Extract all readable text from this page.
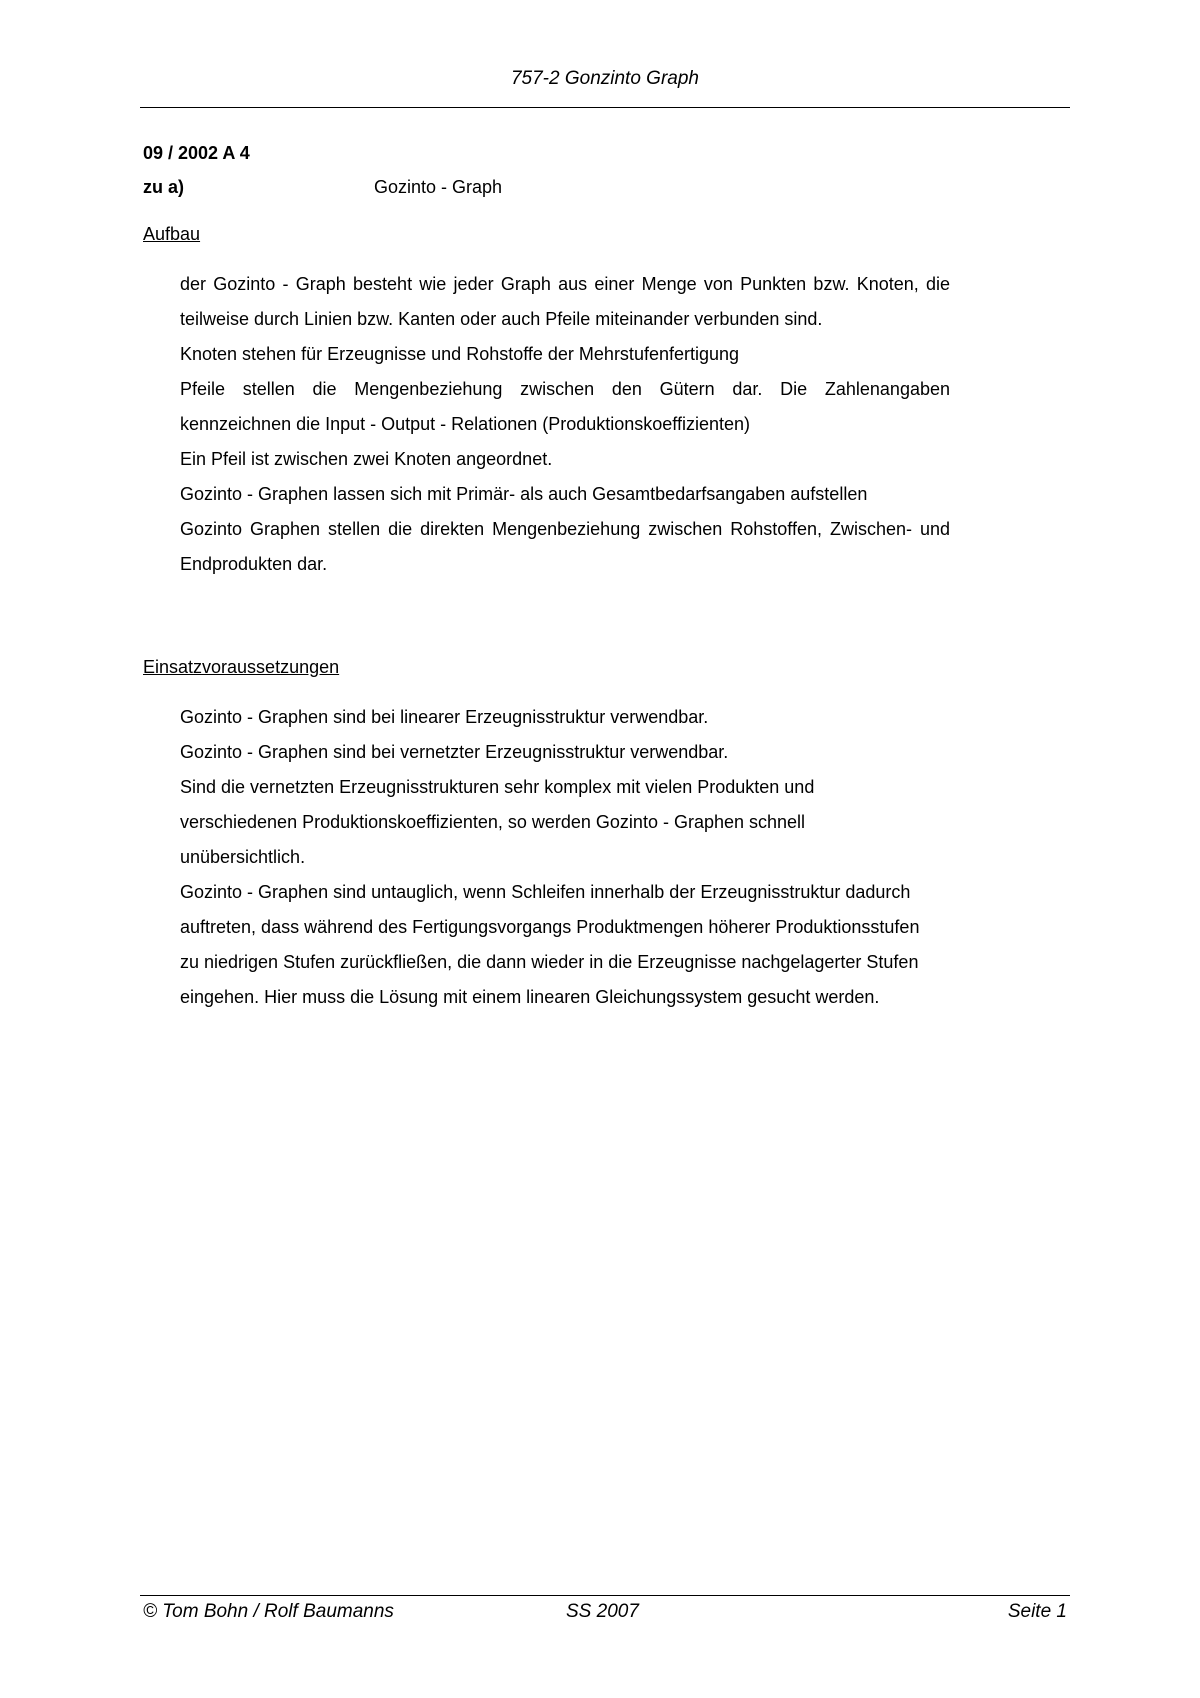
757-2 Gonzinto Graph
09 / 2002 A 4
zu a)	Gozinto - Graph
Aufbau

der Gozinto - Graph besteht wie jeder Graph aus einer Menge von Punkten bzw. Knoten, die teilweise durch Linien bzw. Kanten oder auch Pfeile miteinander verbunden sind.

Knoten stehen für Erzeugnisse und Rohstoffe der Mehrstufenfertigung

Pfeile stellen die Mengenbeziehung zwischen den Gütern dar. Die Zahlenangaben kennzeichnen die Input - Output - Relationen (Produktionskoeffizienten)

Ein Pfeil ist zwischen zwei Knoten angeordnet.

Gozinto - Graphen lassen sich mit Primär- als auch Gesamtbedarfsangaben aufstellen

Gozinto Graphen stellen die direkten Mengenbeziehung zwischen Rohstoffen, Zwischen- und Endprodukten dar.

Einsatzvoraussetzungen

Gozinto - Graphen sind bei linearer Erzeugnisstruktur verwendbar.

Gozinto - Graphen sind bei vernetzter Erzeugnisstruktur verwendbar.

Sind die vernetzten Erzeugnisstrukturen sehr komplex mit vielen Produkten und verschiedenen Produktionskoeffizienten, so werden Gozinto - Graphen schnell unübersichtlich.

Gozinto - Graphen sind untauglich, wenn Schleifen innerhalb der Erzeugnisstruktur dadurch auftreten, dass während des Fertigungsvorgangs Produktmengen höherer Produktionsstufen zu niedrigen Stufen zurückfließen, die dann wieder in die Erzeugnisse nachgelagerter Stufen eingehen. Hier muss die Lösung mit einem linearen Gleichungssystem gesucht werden.

© Tom Bohn / Rolf Baumanns	SS 2007	Seite 1
